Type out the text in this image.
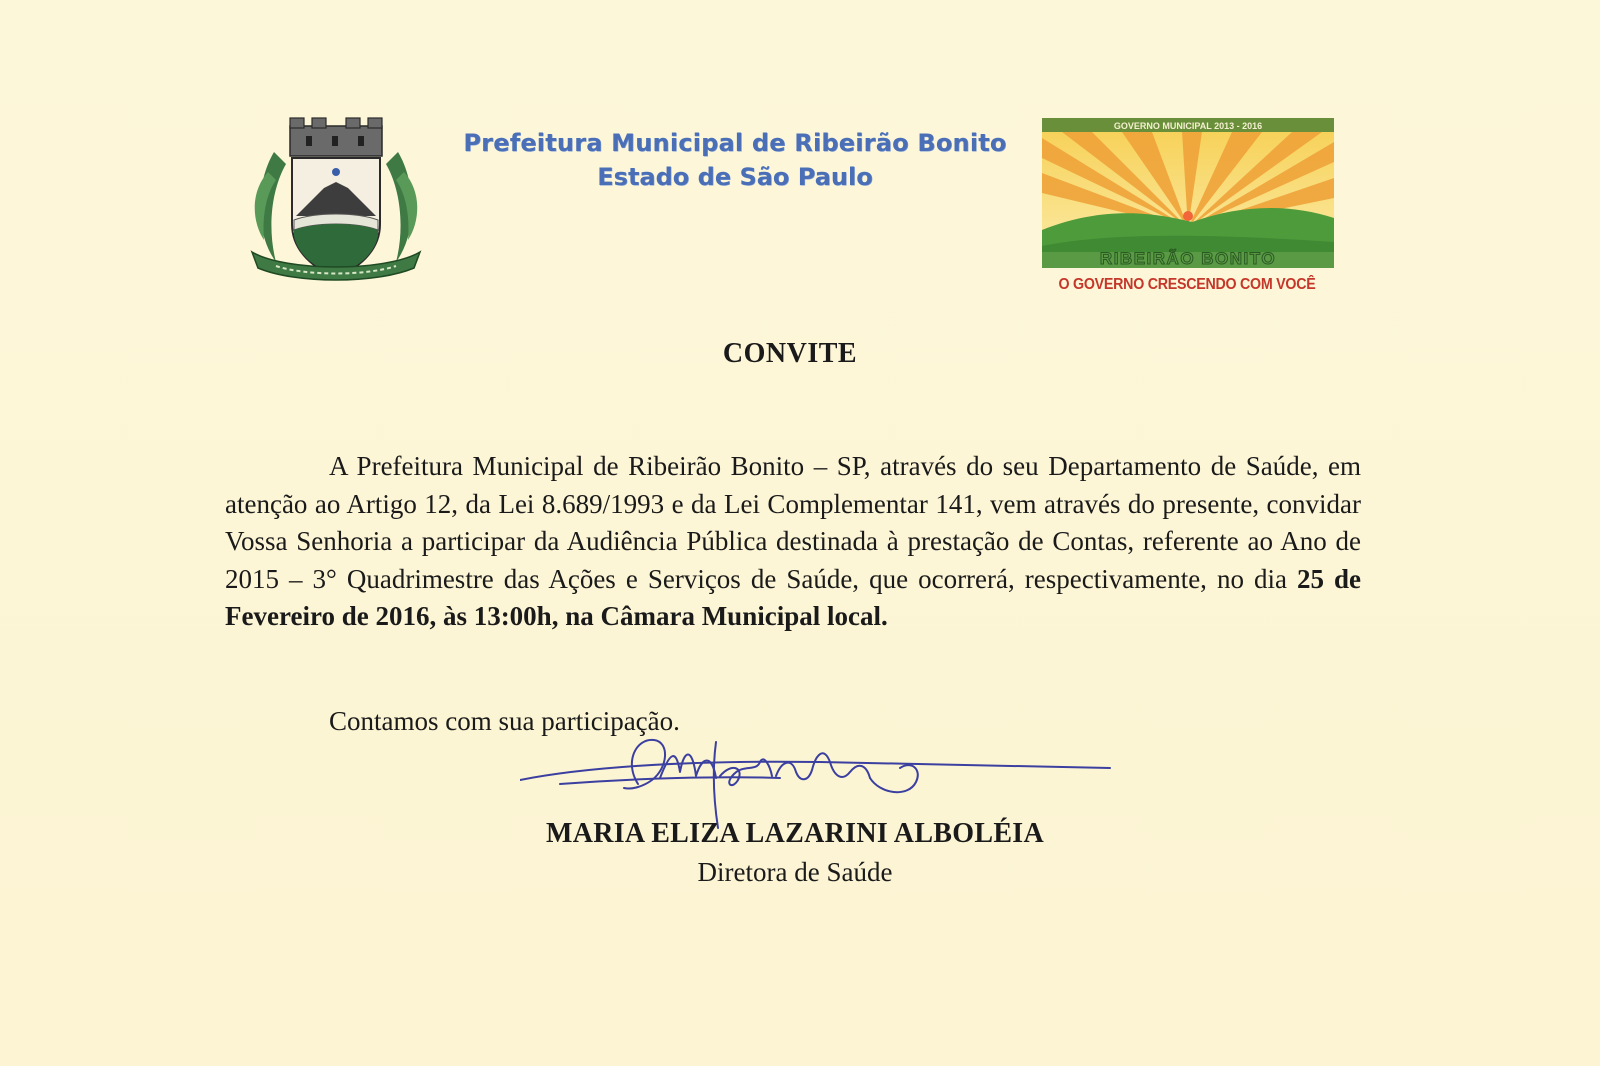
Prefeitura Municipal de Ribeirão Bonito
Estado de São Paulo
GOVERNO MUNICIPAL 2013 - 2016
RIBEIRÃO BONITO
O GOVERNO CRESCENDO COM VOCÊ
CONVITE
A Prefeitura Municipal de Ribeirão Bonito – SP, através do seu Departamento de Saúde, em atenção ao Artigo 12, da Lei 8.689/1993 e da Lei Complementar 141, vem através do presente, convidar Vossa Senhoria a participar da Audiência Pública destinada à prestação de Contas, referente ao Ano de 2015 – 3° Quadrimestre das Ações e Serviços de Saúde, que ocorrerá, respectivamente, no dia 25 de Fevereiro de 2016, às 13:00h, na Câmara Municipal local.
Contamos com sua participação.
MARIA ELIZA LAZARINI ALBOLÉIA
Diretora de Saúde
